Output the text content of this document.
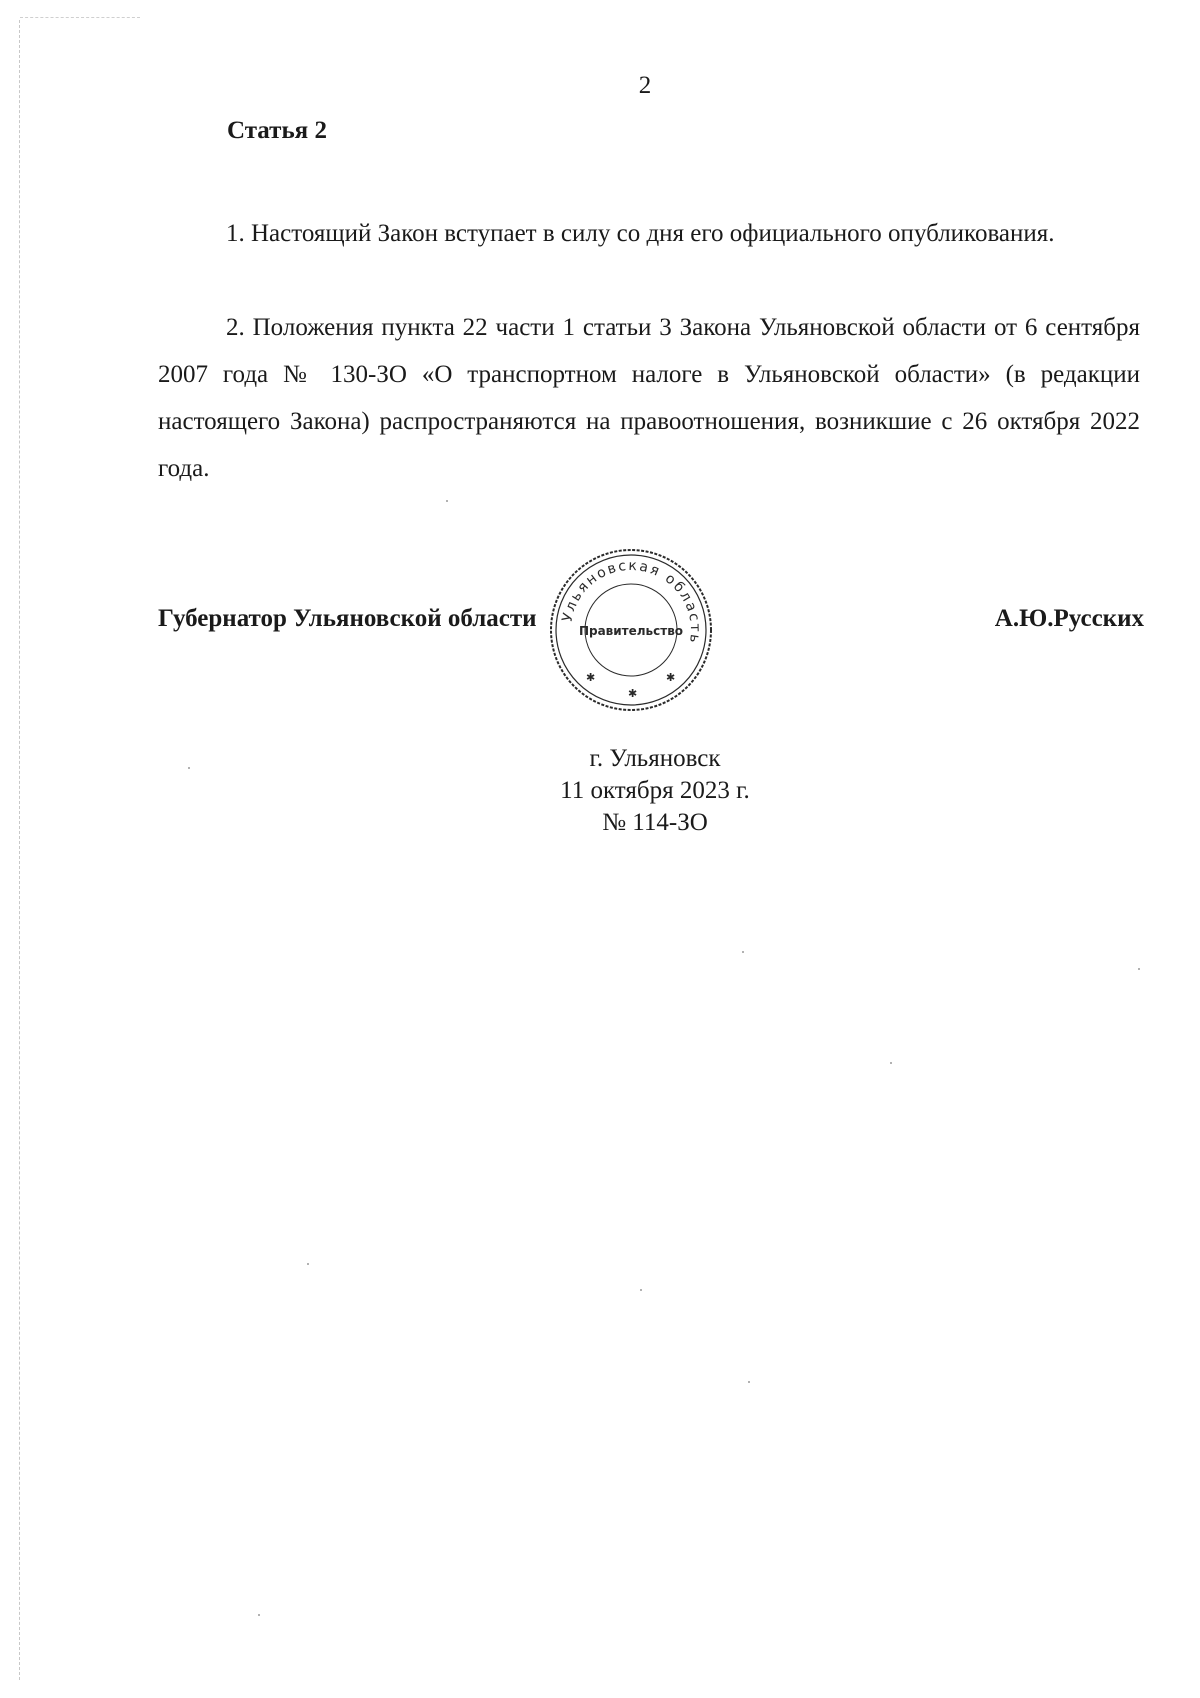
2
Статья 2

1. Настоящий Закон вступает в силу со дня его официального опубликования.

2. Положения пункта 22 части 1 статьи 3 Закона Ульяновской области от 6 сентября 2007 года № 130-ЗО «О транспортном налоге в Ульяновской области» (в редакции настоящего Закона) распространяются на правоотношения, возникшие с 26 октября 2022 года.

Губернатор Ульяновской области	А.Ю.Русских
Ульяновская область
Правительство
✱
✱
✱
г. Ульяновск
11 октября 2023 г.
№ 114-ЗО
